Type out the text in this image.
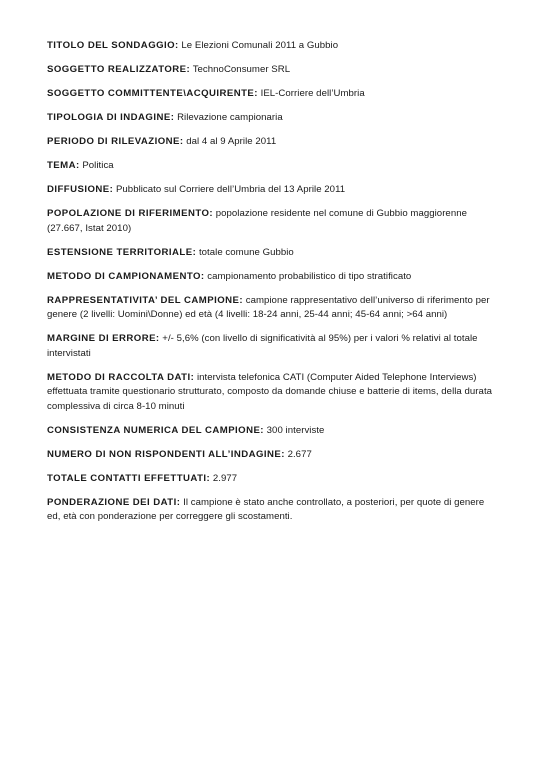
TITOLO DEL SONDAGGIO: Le Elezioni Comunali 2011 a Gubbio

SOGGETTO REALIZZATORE: TechnoConsumer SRL

SOGGETTO COMMITTENTE\ACQUIRENTE: IEL-Corriere dell’Umbria

TIPOLOGIA DI INDAGINE: Rilevazione campionaria

PERIODO DI RILEVAZIONE: dal 4 al 9 Aprile 2011

TEMA: Politica

DIFFUSIONE: Pubblicato sul Corriere dell’Umbria del 13 Aprile 2011

POPOLAZIONE DI RIFERIMENTO: popolazione residente nel comune di Gubbio maggiorenne (27.667, Istat 2010)

ESTENSIONE TERRITORIALE: totale comune Gubbio

METODO DI CAMPIONAMENTO: campionamento probabilistico di tipo stratificato

RAPPRESENTATIVITA’ DEL CAMPIONE: campione rappresentativo dell’universo di riferimento per genere (2 livelli: Uomini\Donne) ed età (4 livelli: 18-24 anni, 25-44 anni; 45-64 anni; >64 anni)

MARGINE DI ERRORE: +/- 5,6% (con livello di significatività al 95%) per i valori % relativi al totale intervistati

METODO DI RACCOLTA DATI: intervista telefonica CATI (Computer Aided Telephone Interviews) effettuata tramite questionario strutturato, composto da domande chiuse e batterie di items, della durata complessiva di circa 8-10 minuti

CONSISTENZA NUMERICA DEL CAMPIONE: 300 interviste

NUMERO DI NON RISPONDENTI ALL’INDAGINE: 2.677

TOTALE CONTATTI EFFETTUATI: 2.977

PONDERAZIONE DEI DATI: Il campione è stato anche controllato, a posteriori, per quote di genere ed, età con ponderazione per correggere gli scostamenti.
